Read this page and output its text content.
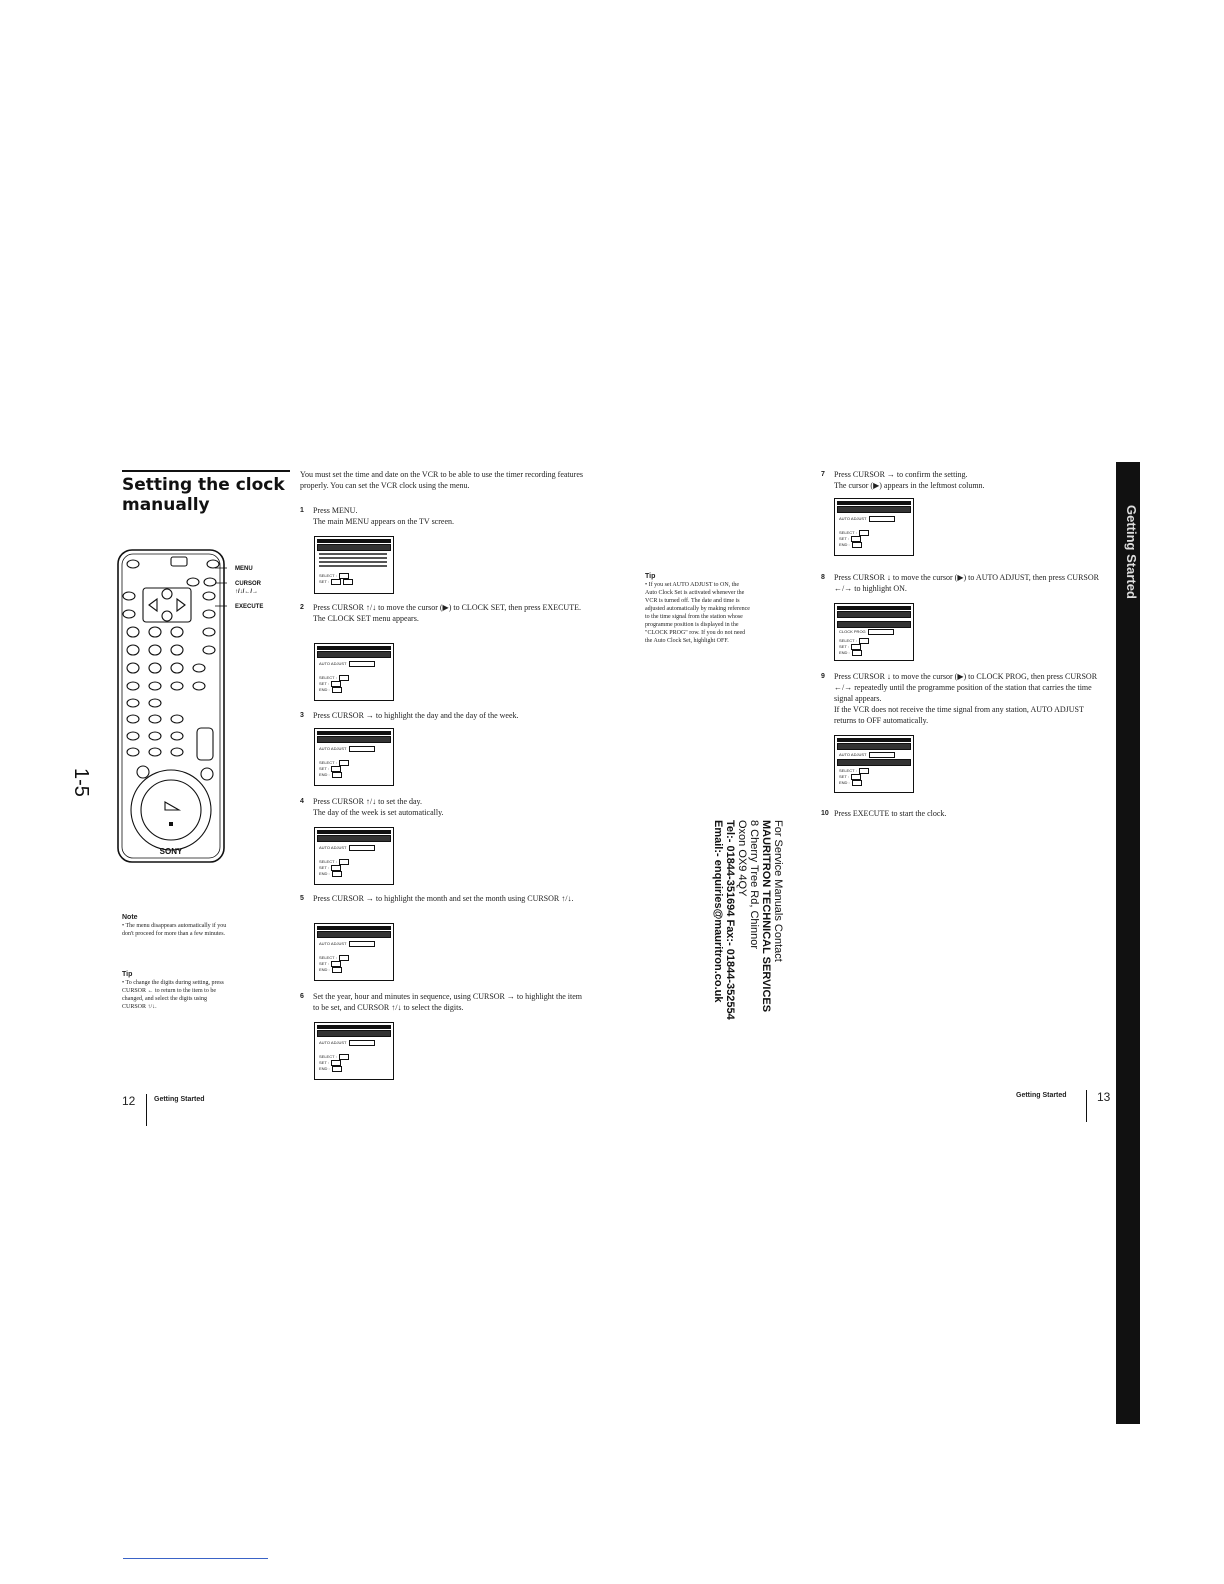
Setting the clock manually
You must set the time and date on the VCR to be able to use the timer recording features properly. You can set the VCR clock using the menu.
SONY
MENU
CURSOR
↑/↓/←/→
EXECUTE
1-5
Note
• The menu disappears automatically if you don't proceed for more than a few minutes.
Tip
• To change the digits during setting, press CURSOR ← to return to the item to be changed, and select the digits using CURSOR ↑/↓.
1 Press MENU.
The main MENU appears on the TV screen.
SELECT :
SET :
2 Press CURSOR ↑/↓ to move the cursor (▶) to CLOCK SET, then press EXECUTE.
The CLOCK SET menu appears.
AUTO ADJUST
SELECT :
SET :
END :
3 Press CURSOR → to highlight the day and the day of the week.
AUTO ADJUST
SELECT :
SET :
END :
4 Press CURSOR ↑/↓ to set the day.
The day of the week is set automatically.
AUTO ADJUST
SELECT :
SET :
END :
5 Press CURSOR → to highlight the month and set the month using CURSOR ↑/↓.
AUTO ADJUST
SELECT :
SET :
END :
6 Set the year, hour and minutes in sequence, using CURSOR → to highlight the item to be set, and CURSOR ↑/↓ to select the digits.
AUTO ADJUST
SELECT :
SET :
END :
12	Getting Started
Tip
• If you set AUTO ADJUST to ON, the Auto Clock Set is activated whenever the VCR is turned off. The date and time is adjusted automatically by making reference to the time signal from the station whose programme position is displayed in the "CLOCK PROG" row. If you do not need the Auto Clock Set, highlight OFF.
For Service Manuals Contact
MAURITRON TECHNICAL SERVICES
8 Cherry Tree Rd, Chinnor
Oxon OX9 4QY
Tel:- 01844-351694 Fax:- 01844-352554
Email:- enquiries@mauritron.co.uk
7 Press CURSOR → to confirm the setting.
The cursor (▶) appears in the leftmost column.
AUTO ADJUST
SELECT :
SET :
END :
8 Press CURSOR ↓ to move the cursor (▶) to AUTO ADJUST, then press CURSOR ←/→ to highlight ON.
CLOCK PROG
SELECT :
SET :
END :
9 Press CURSOR ↓ to move the cursor (▶) to CLOCK PROG, then press CURSOR ←/→ repeatedly until the programme position of the station that carries the time signal appears.
If the VCR does not receive the time signal from any station, AUTO ADJUST returns to OFF automatically.
AUTO ADJUST
SELECT :
SET :
END :
10 Press EXECUTE to start the clock.
Getting Started	13
Getting Started
